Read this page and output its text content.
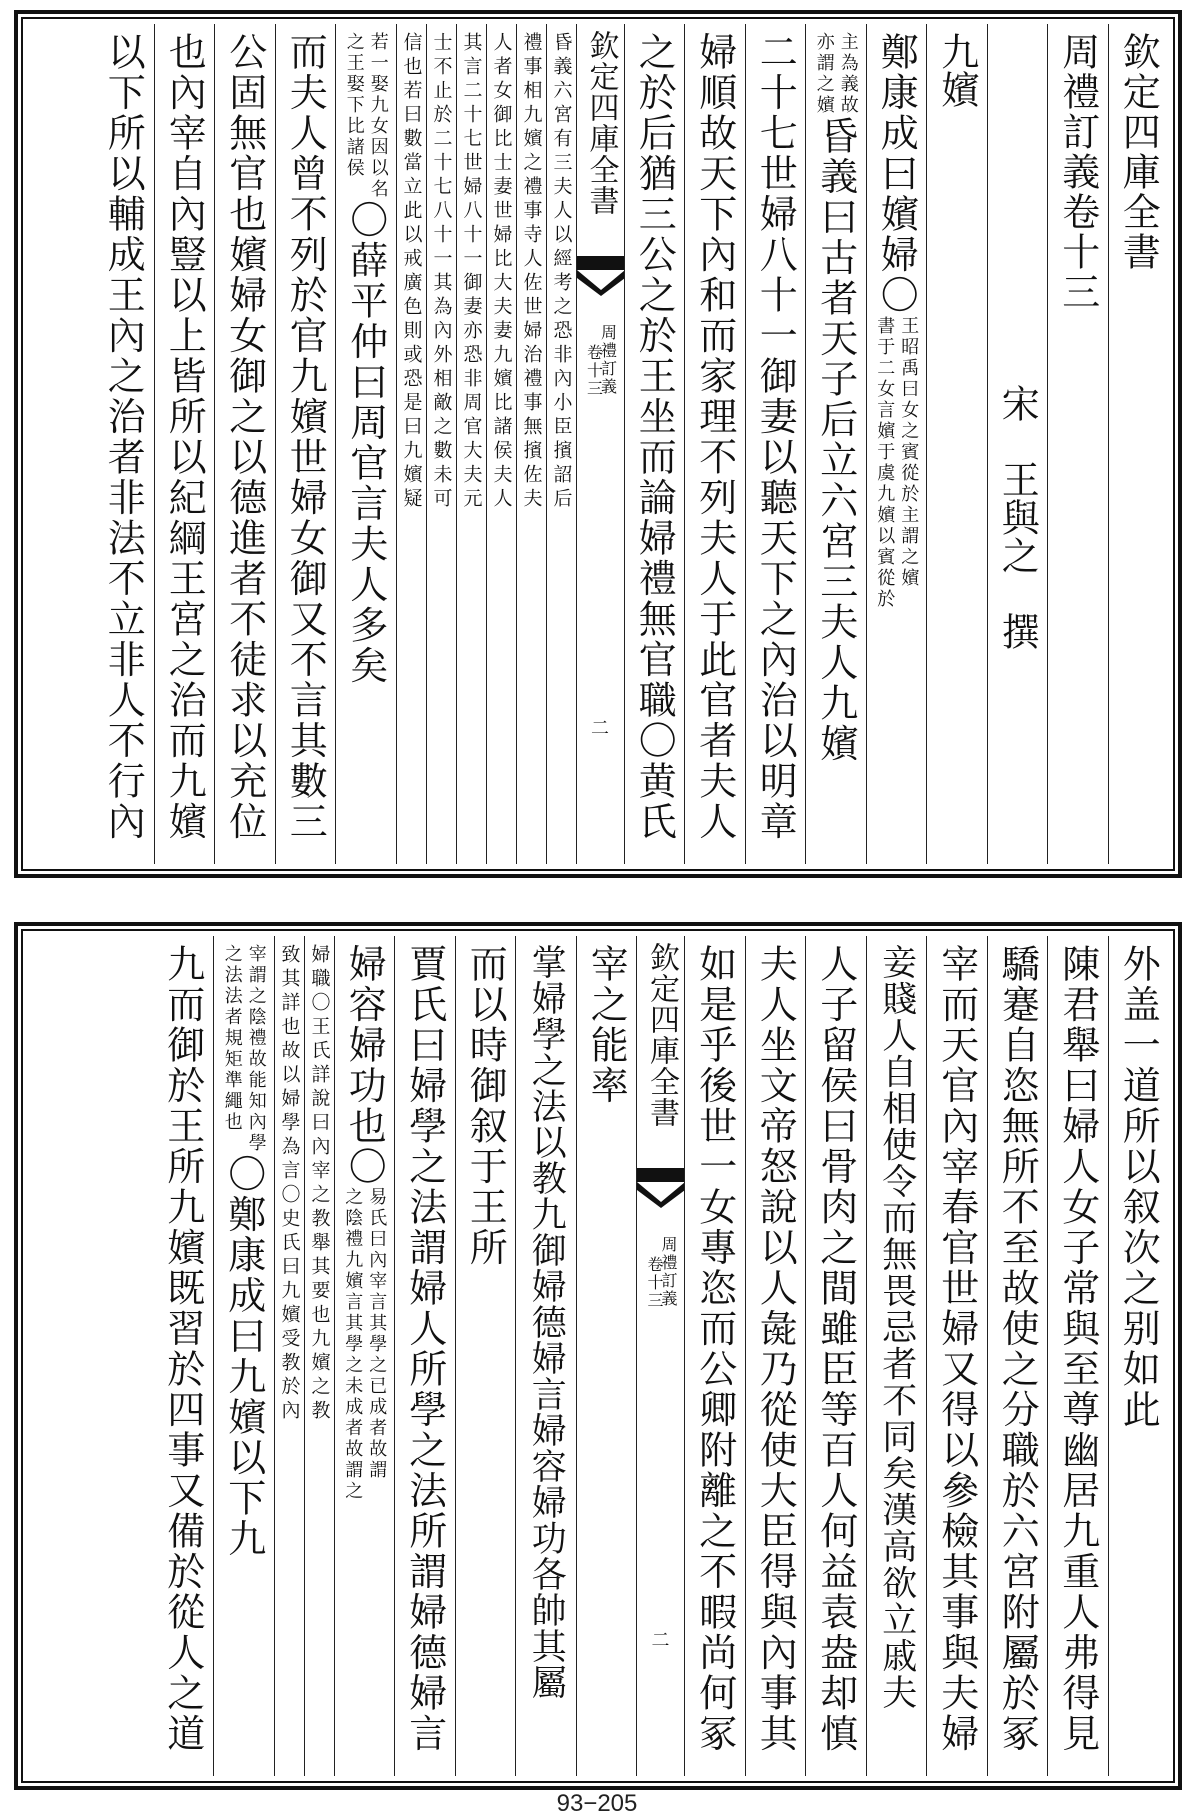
欽定四庫全書
周禮訂義卷十三
宋　王與之　撰
九嬪
鄭康成曰嬪婦〇
王昭禹曰女之賓從於主謂之嬪
書于二女言嬪于虞九嬪以賓從於
主為義故
亦謂之嬪
昏義曰古者天子后立六宮三夫人九嬪
二十七世婦八十一御妻以聽天下之內治以明章
婦順故天下內和而家理不列夫人于此官者夫人
之於后猶三公之於王坐而論婦禮無官職〇黄氏
欽定四庫全書
周禮訂義
卷十三
二
昏義六宮有三夫人以經考之恐非內小臣擯詔后
禮事相九嬪之禮事寺人佐世婦治禮事無擯佐夫
人者女御比士妻世婦比大夫妻九嬪比諸侯夫人
其言二十七世婦八十一御妻亦恐非周官大夫元
士不止於二十七八十一其為內外相敵之數未可
信也若曰數當立此以戒廣色則或恐是曰九嬪疑
若一娶九女因以名
之王娶下比諸侯
〇薛平仲曰周官言夫人多矣
而夫人曾不列於官九嬪世婦女御又不言其數三
公固無官也嬪婦女御之以德進者不徒求以充位
也內宰自內豎以上皆所以紀綱王宮之治而九嬪
以下所以輔成王內之治者非法不立非人不行內
外盖一道所以叙次之别如此
陳君舉曰婦人女子常與至尊幽居九重人弗得見
驕蹇自恣無所不至故使之分職於六宮附屬於冢
宰而天官內宰春官世婦又得以參檢其事與夫婦
妾賤人自相使令而無畏忌者不同矣漢高欲立戚夫
人子留侯曰骨肉之間雖臣等百人何益袁盎却慎
夫人坐文帝怒說以人彘乃從使大臣得與內事其
如是乎後世一女專恣而公卿附離之不暇尚何冢
欽定四庫全書
周禮訂義
卷十三
二
宰之能率
掌婦學之法以教九御婦德婦言婦容婦功各帥其屬
而以時御叙于王所
賈氏曰婦學之法謂婦人所學之法所謂婦德婦言
婦容婦功也〇
易氏曰內宰言其學之已成者故謂
之陰禮九嬪言其學之未成者故謂之
婦職〇王氏詳說曰內宰之教舉其要也九嬪之教
致其詳也故以婦學為言〇史氏曰九嬪受教於內
宰謂之陰禮故能知內學
之法法者規矩準繩也
〇鄭康成曰九嬪以下九
九而御於王所九嬪既習於四事又備於從人之道
93−205
